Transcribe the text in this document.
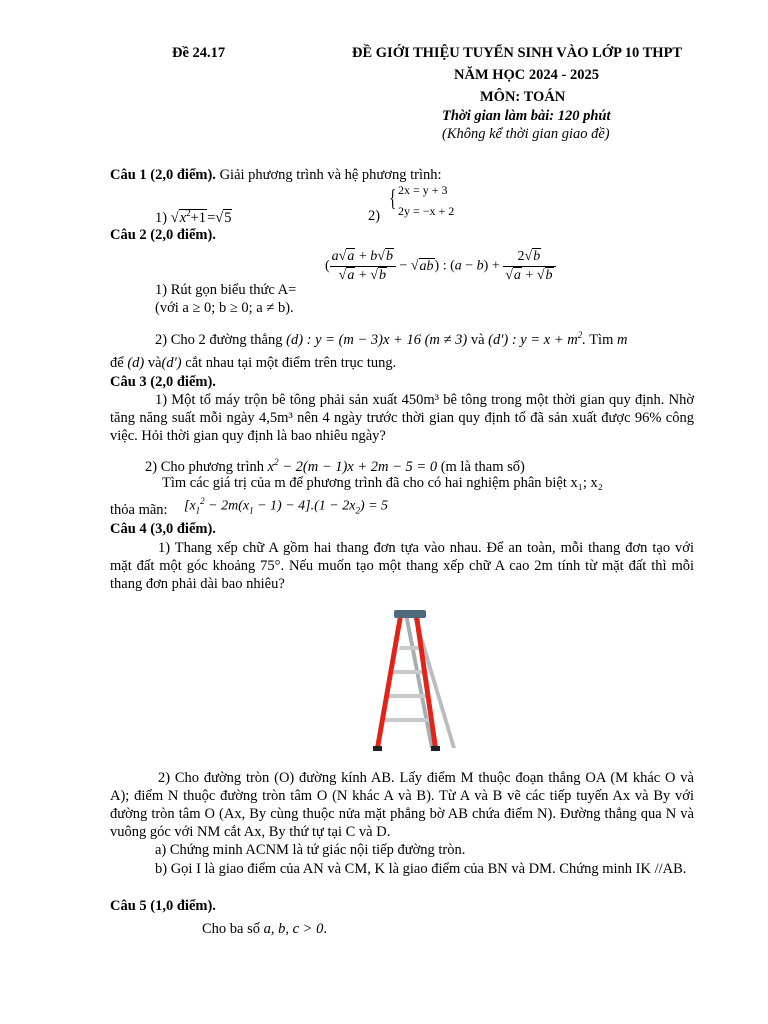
Đề 24.17	ĐỀ GIỚI THIỆU TUYỂN SINH VÀO LỚP 10 THPT
NĂM HỌC 2024 - 2025
MÔN: TOÁN
Thời gian làm bài: 120 phút
(Không kể thời gian giao đề)
Câu 1 (2,0 điểm). Giải phương trình và hệ phương trình:
1) $√x^2+1=√5$	2)
{ 2x = y + 3
2y = −x + 2
Câu 2 (2,0 điểm).
( $\frac{a√a + b√b}{√a + √b} - √ab$) : $(a - b) + \frac{2√b}{√a + √b}$
1) Rút gọn biểu thức A=
(với a ≥ 0; b ≥ 0; a ≠ b).
2) Cho 2 đường thẳng (d) : y = (m − 3)x + 16 (m ≠ 3) và (d′) : $y = x + m^2$. Tìm m
để (d) và(d′) cắt nhau tại một điểm trên trục tung.
Câu 3 (2,0 điểm).
1) Một tổ máy trộn bê tông phải sản xuất 450m³ bê tông trong một thời gian quy định. Nhờ tăng năng suất mỗi ngày 4,5m³ nên 4 ngày trước thời gian quy định tổ đã sản xuất được 96% công việc. Hỏi thời gian quy định là bao nhiêu ngày?
2) Cho phương trình $x^2 - 2(m - 1)x + 2m - 5 = 0$ (m là tham số)
Tìm các giá trị của m để phương trình đã cho có hai nghiệm phân biệt x₁; x₂
thỏa mãn: $[x_1^2 - 2m(x_1 - 1) - 4].(1 - 2x_2) = 5$
Câu 4 (3,0 điểm).
1) Thang xếp chữ A gồm hai thang đơn tựa vào nhau. Để an toàn, mỗi thang đơn tạo với mặt đất một góc khoảng 75°. Nếu muốn tạo một thang xếp chữ A cao 2m tính từ mặt đất thì mỗi thang đơn phải dài bao nhiêu?
2) Cho đường tròn (O) đường kính AB. Lấy điểm M thuộc đoạn thẳng OA (M khác O và A); điểm N thuộc đường tròn tâm O (N khác A và B). Từ A và B vẽ các tiếp tuyến Ax và By với đường tròn tâm O (Ax, By cùng thuộc nửa mặt phẳng bờ AB chứa điểm N). Đường thẳng qua N và vuông góc với NM cắt Ax, By thứ tự tại C và D.
a) Chứng minh ACNM là tứ giác nội tiếp đường tròn.
b) Gọi I là giao điểm của AN và CM, K là giao điểm của BN và DM. Chứng minh IK //AB.
Câu 5 (1,0 điểm).
Cho ba số a, b, c > 0.
